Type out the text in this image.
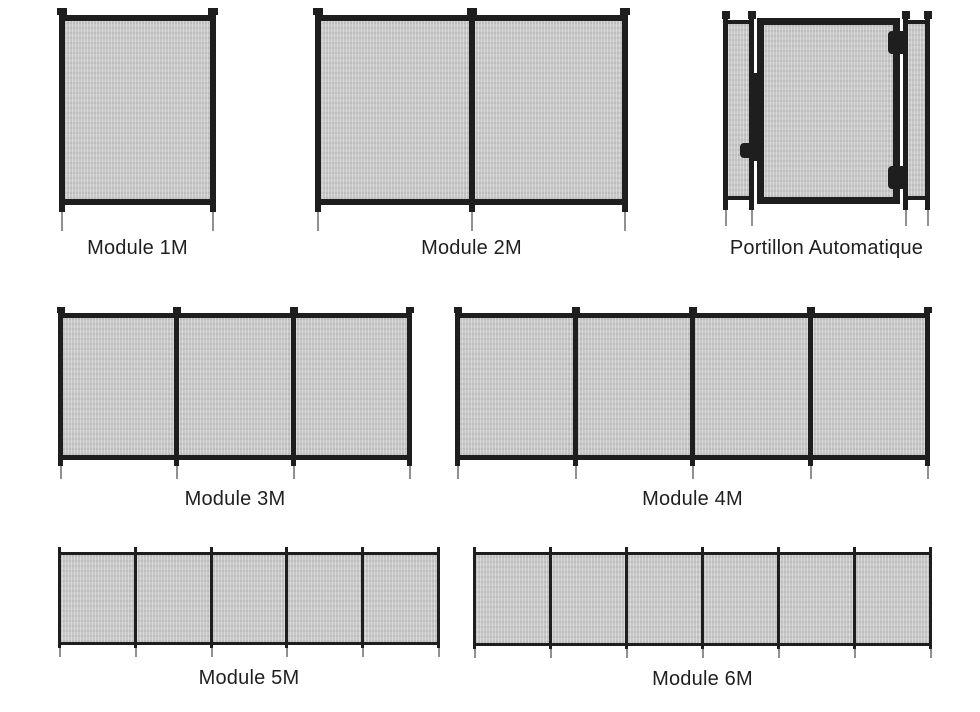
Module 1M	Module 2M	Portillon Automatique
Module 3M	Module 4M
Module 5M	Module 6M
